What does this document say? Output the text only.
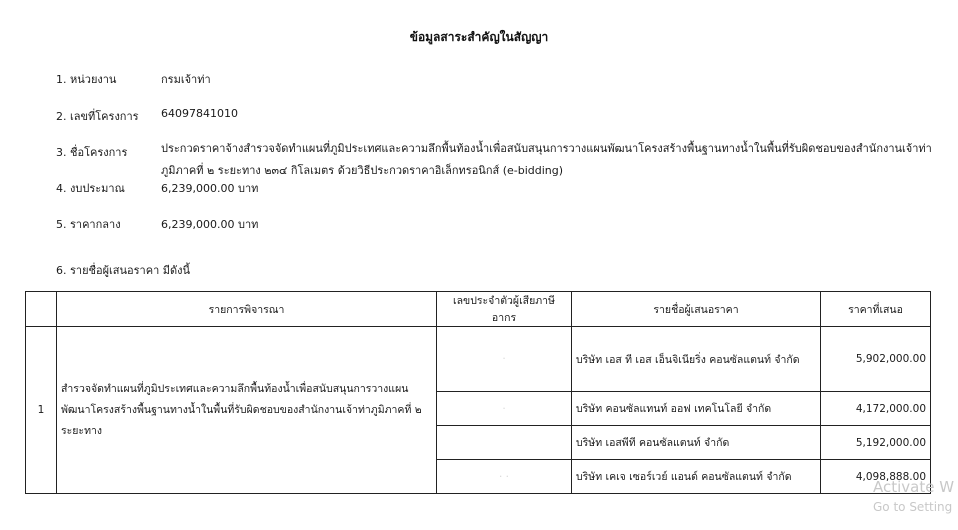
ข้อมูลสาระสำคัญในสัญญา
1. หน่วยงาน	กรมเจ้าท่า
2. เลขที่โครงการ 64097841010
3. ชื่อโครงการ	ประกวดราคาจ้างสำรวจจัดทำแผนที่ภูมิประเทศและความลึกพื้นท้องน้ำเพื่อสนับสนุนการวางแผนพัฒนาโครงสร้างพื้นฐานทางน้ำในพื้นที่รับผิดชอบของสำนักงานเจ้าท่าภูมิภาคที่ ๒ ระยะทาง ๒๓๔ กิโลเมตร ด้วยวิธีประกวดราคาอิเล็กทรอนิกส์ (e-bidding)
4. งบประมาณ	6,239,000.00 บาท
5. ราคากลาง	6,239,000.00 บาท
6. รายชื่อผู้เสนอราคา มีดังนี้
	รายการพิจารณา	เลขประจำตัวผู้เสียภาษีอากร	รายชื่อผู้เสนอราคา	ราคาที่เสนอ
1	สำรวจจัดทำแผนที่ภูมิประเทศและความลึกพื้นท้องน้ำเพื่อสนับสนุนการวางแผนพัฒนาโครงสร้างพื้นฐานทางน้ำในพื้นที่รับผิดชอบของสำนักงานเจ้าท่าภูมิภาคที่ ๒ ระยะทาง	·	บริษัท เอส ที เอส เอ็นจิเนียริ่ง คอนซัลแตนท์ จำกัด	5,902,000.00
		·	บริษัท คอนซัลแทนท์ ออฟ เทคโนโลยี จำกัด	4,172,000.00
			บริษัท เอสพีที คอนซัลแตนท์ จำกัด	5,192,000.00
		· ·	บริษัท เคเจ เซอร์เวย์ แอนด์ คอนซัลแตนท์ จำกัด	4,098,888.00
Activate W
Go to Setting
